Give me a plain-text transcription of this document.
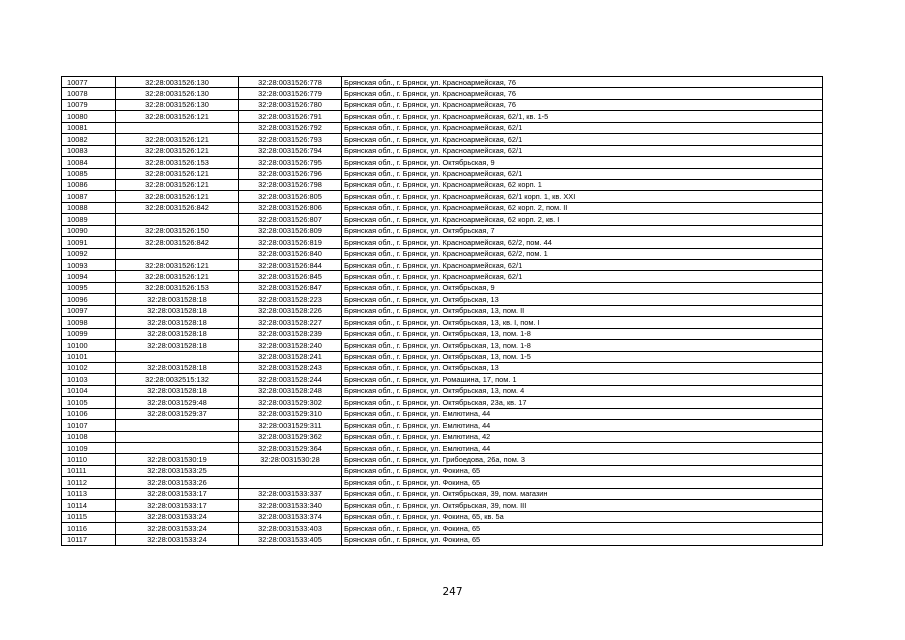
10077	32:28:0031526:130	32:28:0031526:778	Брянская обл., г. Брянск, ул. Красноармейская, 76
10078	32:28:0031526:130	32:28:0031526:779	Брянская обл., г. Брянск, ул. Красноармейская, 76
10079	32:28:0031526:130	32:28:0031526:780	Брянская обл., г. Брянск, ул. Красноармейская, 76
10080	32:28:0031526:121	32:28:0031526:791	Брянская обл., г. Брянск, ул. Красноармейская, 62/1, кв. 1-5
10081		32:28:0031526:792	Брянская обл., г. Брянск, ул. Красноармейская, 62/1
10082	32:28:0031526:121	32:28:0031526:793	Брянская обл., г. Брянск, ул. Красноармейская, 62/1
10083	32:28:0031526:121	32:28:0031526:794	Брянская обл., г. Брянск, ул. Красноармейская, 62/1
10084	32:28:0031526:153	32:28:0031526:795	Брянская обл., г. Брянск, ул. Октябрьская, 9
10085	32:28:0031526:121	32:28:0031526:796	Брянская обл., г. Брянск, ул. Красноармейская, 62/1
10086	32:28:0031526:121	32:28:0031526:798	Брянская обл., г. Брянск, ул. Красноармейская, 62 корп. 1
10087	32:28:0031526:121	32:28:0031526:805	Брянская обл., г. Брянск, ул. Красноармейская, 62/1 корп. 1, кв. XXI
10088	32:28:0031526:842	32:28:0031526:806	Брянская обл., г. Брянск, ул. Красноармейская, 62 корп. 2, пом. II
10089		32:28:0031526:807	Брянская обл., г. Брянск, ул. Красноармейская, 62 корп. 2, кв. I
10090	32:28:0031526:150	32:28:0031526:809	Брянская обл., г. Брянск, ул. Октябрьская, 7
10091	32:28:0031526:842	32:28:0031526:819	Брянская обл., г. Брянск, ул. Красноармейская, 62/2, пом. 44
10092		32:28:0031526:840	Брянская обл., г. Брянск, ул. Красноармейская, 62/2, пом. 1
10093	32:28:0031526:121	32:28:0031526:844	Брянская обл., г. Брянск, ул. Красноармейская, 62/1
10094	32:28:0031526:121	32:28:0031526:845	Брянская обл., г. Брянск, ул. Красноармейская, 62/1
10095	32:28:0031526:153	32:28:0031526:847	Брянская обл., г. Брянск, ул. Октябрьская, 9
10096	32:28:0031528:18	32:28:0031528:223	Брянская обл., г. Брянск, ул. Октябрьская, 13
10097	32:28:0031528:18	32:28:0031528:226	Брянская обл., г. Брянск, ул. Октябрьская, 13, пом. II
10098	32:28:0031528:18	32:28:0031528:227	Брянская обл., г. Брянск, ул. Октябрьская, 13, кв. I, пом. I
10099	32:28:0031528:18	32:28:0031528:239	Брянская обл., г. Брянск, ул. Октябрьская, 13, пом. 1-8
10100	32:28:0031528:18	32:28:0031528:240	Брянская обл., г. Брянск, ул. Октябрьская, 13, пом. 1-8
10101		32:28:0031528:241	Брянская обл., г. Брянск, ул. Октябрьская, 13, пом. 1-5
10102	32:28:0031528:18	32:28:0031528:243	Брянская обл., г. Брянск, ул. Октябрьская, 13
10103	32:28:0032515:132	32:28:0031528:244	Брянская обл., г. Брянск, ул. Ромашина, 17, пом. 1
10104	32:28:0031528:18	32:28:0031528:248	Брянская обл., г. Брянск, ул. Октябрьская, 13, пом. 4
10105	32:28:0031529:48	32:28:0031529:302	Брянская обл., г. Брянск, ул. Октябрьская, 23а, кв. 17
10106	32:28:0031529:37	32:28:0031529:310	Брянская обл., г. Брянск, ул. Емлютина, 44
10107		32:28:0031529:311	Брянская обл., г. Брянск, ул. Емлютина, 44
10108		32:28:0031529:362	Брянская обл., г. Брянск, ул. Емлютина, 42
10109		32:28:0031529:364	Брянская обл., г. Брянск, ул. Емлютина, 44
10110	32:28:0031530:19	32:28:0031530:28	Брянская обл., г. Брянск, ул. Грибоедова, 26а, пом. 3
10111	32:28:0031533:25		Брянская обл., г. Брянск, ул. Фокина, 65
10112	32:28:0031533:26		Брянская обл., г. Брянск, ул. Фокина, 65
10113	32:28:0031533:17	32:28:0031533:337	Брянская обл., г. Брянск, ул. Октябрьская, 39, пом. магазин
10114	32:28:0031533:17	32:28:0031533:340	Брянская обл., г. Брянск, ул. Октябрьская, 39, пом. III
10115	32:28:0031533:24	32:28:0031533:374	Брянская обл., г. Брянск, ул. Фокина, 65, кв. 5а
10116	32:28:0031533:24	32:28:0031533:403	Брянская обл., г. Брянск, ул. Фокина, 65
10117	32:28:0031533:24	32:28:0031533:405	Брянская обл., г. Брянск, ул. Фокина, 65
247
